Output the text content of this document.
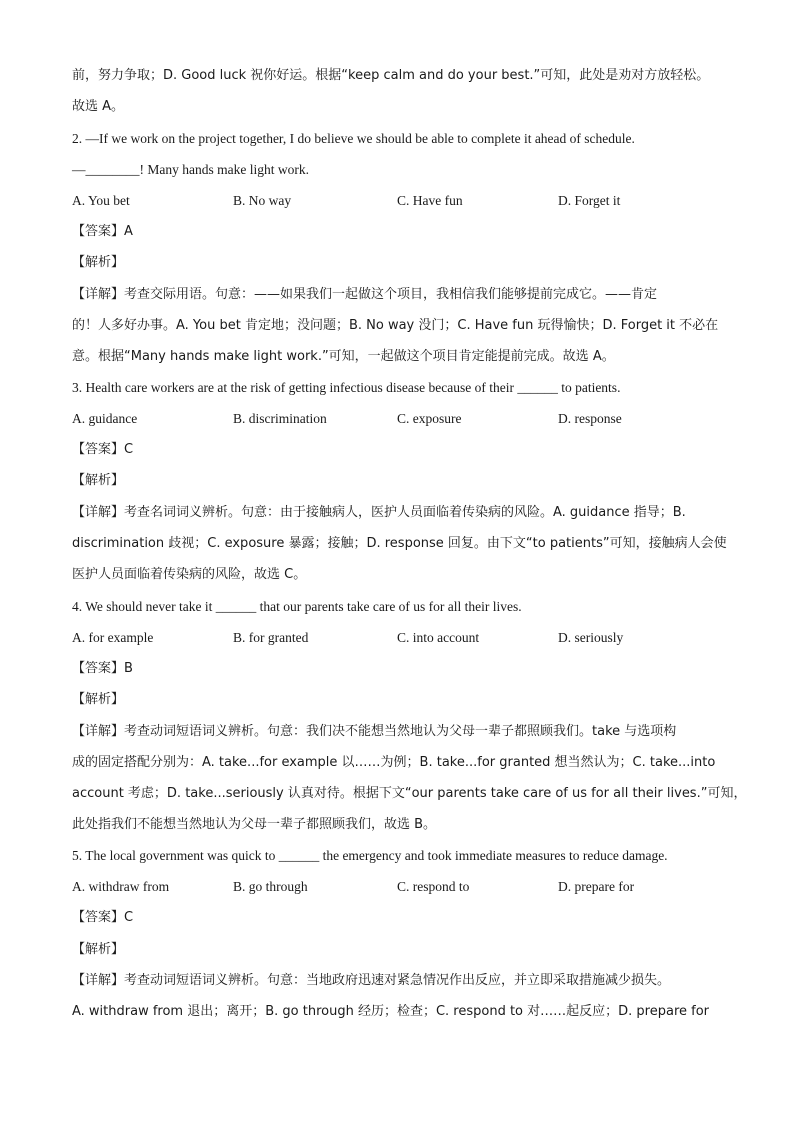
前，努力争取；D. Good luck 祝你好运。根据“keep calm and do your best.”可知，此处是劝对方放轻松。
故选 A。
2. —If we work on the project together, I do believe we should be able to complete it ahead of schedule.
—________! Many hands make light work.
A. You bet	B. No way	C. Have fun	D. Forget it
【答案】A
【解析】
【详解】考查交际用语。句意：——如果我们一起做这个项目，我相信我们能够提前完成它。——肯定
的！人多好办事。A. You bet 肯定地；没问题；B. No way 没门；C. Have fun 玩得愉快；D. Forget it 不必在
意。根据“Many hands make light work.”可知，一起做这个项目肯定能提前完成。故选 A。
3. Health care workers are at the risk of getting infectious disease because of their ______ to patients.
A. guidance	B. discrimination	C. exposure	D. response
【答案】C
【解析】
【详解】考查名词词义辨析。句意：由于接触病人，医护人员面临着传染病的风险。A. guidance 指导；B.
discrimination 歧视；C. exposure 暴露；接触；D. response 回复。由下文“to patients”可知，接触病人会使
医护人员面临着传染病的风险，故选 C。
4. We should never take it ______ that our parents take care of us for all their lives.
A. for example	B. for granted	C. into account	D. seriously
【答案】B
【解析】
【详解】考查动词短语词义辨析。句意：我们决不能想当然地认为父母一辈子都照顾我们。take 与选项构
成的固定搭配分别为：A. take...for example 以……为例；B. take...for granted 想当然认为；C. take...into
account 考虑；D. take...seriously 认真对待。根据下文“our parents take care of us for all their lives.”可知，
此处指我们不能想当然地认为父母一辈子都照顾我们，故选 B。
5. The local government was quick to ______ the emergency and took immediate measures to reduce damage.
A. withdraw from	B. go through	C. respond to	D. prepare for
【答案】C
【解析】
【详解】考查动词短语词义辨析。句意：当地政府迅速对紧急情况作出反应，并立即采取措施减少损失。
A. withdraw from 退出；离开；B. go through 经历；检查；C. respond to 对……起反应；D. prepare for
